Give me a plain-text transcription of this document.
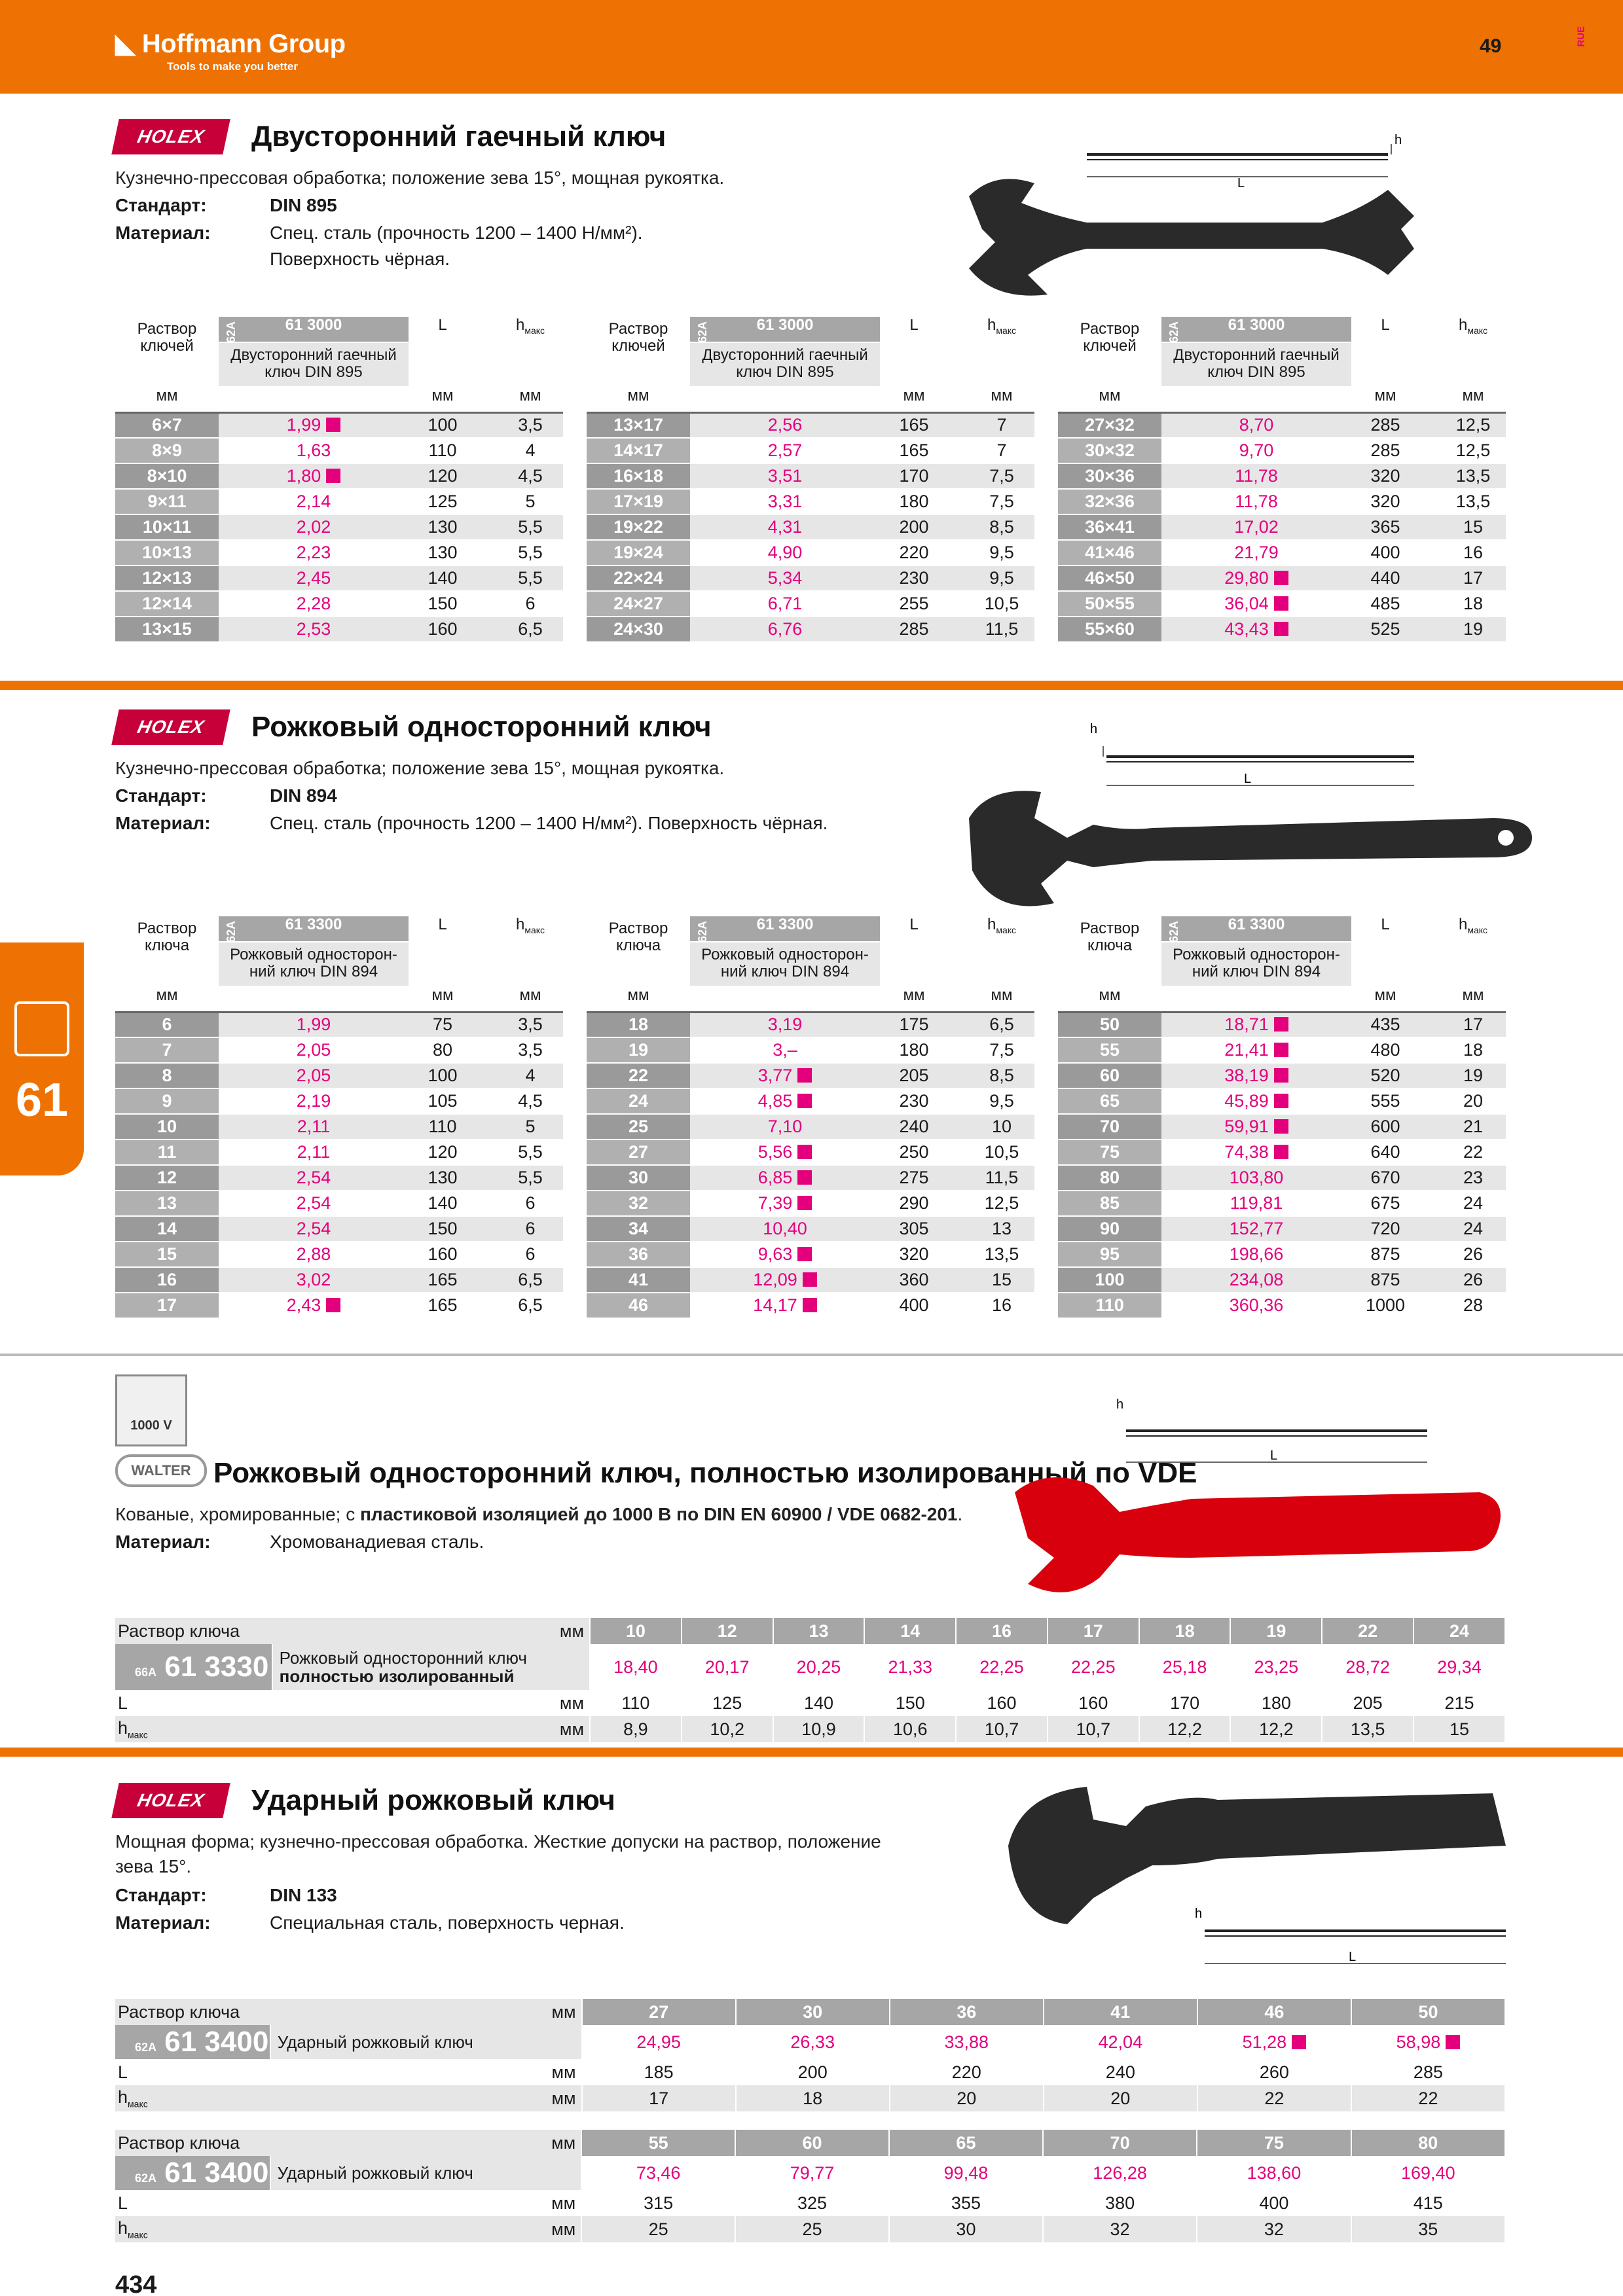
◣ Hoffmann Group
Tools to make you better
49	RUE
61
HOLEX	Двусторонний гаечный ключ
Кузнечно-прессовая обработка; положение зева 15°, мощная рукоятка.
Стандарт:	DIN 895
Материал:	Спец. сталь (прочность 1200 – 1400 Н/мм²).
Поверхность чёрная.
L
h
Раствор ключей	62A 61 3000		L		$h_{макс}$
	Двусторонний гаечный ключ DIN 895				
мм			мм		мм
6×7	1,99		100		3,5
8×9	1,63		110		4
8×10	1,80		120		4,5
9×11	2,14		125		5
10×11	2,02		130		5,5
10×13	2,23		130		5,5
12×13	2,45		140		5,5
12×14	2,28		150		6
13×15	2,53		160		6,5
Раствор ключей	62A 61 3000		L		$h_{макс}$
	Двусторонний гаечный ключ DIN 895				
мм			мм		мм
13×17	2,56		165		7
14×17	2,57		165		7
16×18	3,51		170		7,5
17×19	3,31		180		7,5
19×22	4,31		200		8,5
19×24	4,90		220		9,5
22×24	5,34		230		9,5
24×27	6,71		255		10,5
24×30	6,76		285		11,5
Раствор ключей	62A 61 3000		L		$h_{макс}$
	Двусторонний гаечный ключ DIN 895				
мм			мм		мм
27×32	8,70		285		12,5
30×32	9,70		285		12,5
30×36	11,78		320		13,5
32×36	11,78		320		13,5
36×41	17,02		365		15
41×46	21,79		400		16
46×50	29,80		440		17
50×55	36,04		485		18
55×60	43,43		525		19
HOLEX	Рожковый односторонний ключ
Кузнечно-прессовая обработка; положение зева 15°, мощная рукоятка.
Стандарт:	DIN 894
Материал:	Спец. сталь (прочность 1200 – 1400 Н/мм²). Поверхность чёрная.
L
h
Раствор ключа	62A 61 3300		L		$h_{макс}$
	Рожковый односторон-ний ключ DIN 894				
мм			мм		мм
6	1,99		75		3,5
7	2,05		80		3,5
8	2,05		100		4
9	2,19		105		4,5
10	2,11		110		5
11	2,11		120		5,5
12	2,54		130		5,5
13	2,54		140		6
14	2,54		150		6
15	2,88		160		6
16	3,02		165		6,5
17	2,43		165		6,5
Раствор ключа	62A 61 3300		L		$h_{макс}$
	Рожковый односторон-ний ключ DIN 894				
мм			мм		мм
18	3,19		175		6,5
19	3,–		180		7,5
22	3,77		205		8,5
24	4,85		230		9,5
25	7,10		240		10
27	5,56		250		10,5
30	6,85		275		11,5
32	7,39		290		12,5
34	10,40		305		13
36	9,63		320		13,5
41	12,09		360		15
46	14,17		400		16
Раствор ключа	62A 61 3300		L		$h_{макс}$
	Рожковый односторон-ний ключ DIN 894				
мм			мм		мм
50	18,71		435		17
55	21,41		480		18
60	38,19		520		19
65	45,89		555		20
70	59,91		600		21
75	74,38		640		22
80	103,80		670		23
85	119,81		675		24
90	152,77		720		24
95	198,66		875		26
100	234,08		875		26
110	360,36		1000		28
1000 V
WALTER Рожковый односторонний ключ, полностью изолированный по VDE
Кованые, хромированные; с пластиковой изоляцией до 1000 В по DIN EN 60900 / VDE 0682-201.
Материал:	Хромованадиевая сталь.
L
h
Раствор ключа		мм	10	12	13	14	16	17	18	19	22	24
66A 61 3330	Рожковый односторонний ключ
полностью изолированный		18,40	20,17	20,25	21,33	22,25	22,25	25,18	23,25	28,72	29,34
L		мм	110	125	140	150	160	160	170	180	205	215
$h_{макс}$		мм	8,9	10,2	10,9	10,6	10,7	10,7	12,2	12,2	13,5	15
HOLEX	Ударный рожковый ключ
Мощная форма; кузнечно-прессовая обработка. Жесткие допуски на раствор, положение
зева 15°.
Стандарт:	DIN 133
Материал:	Специальная сталь, поверхность черная.
L
h
Раствор ключа		мм	27	30	36	41	46	50
62A 61 3400	Ударный рожковый ключ		24,95	26,33	33,88	42,04	51,28	58,98
L		мм	185	200	220	240	260	285
$h_{макс}$		мм	17	18	20	20	22	22
Раствор ключа		мм	55	60	65	70	75	80
62A 61 3400	Ударный рожковый ключ		73,46	79,77	99,48	126,28	138,60	169,40
L		мм	315	325	355	380	400	415
$h_{макс}$		мм	25	25	30	32	32	35
434
